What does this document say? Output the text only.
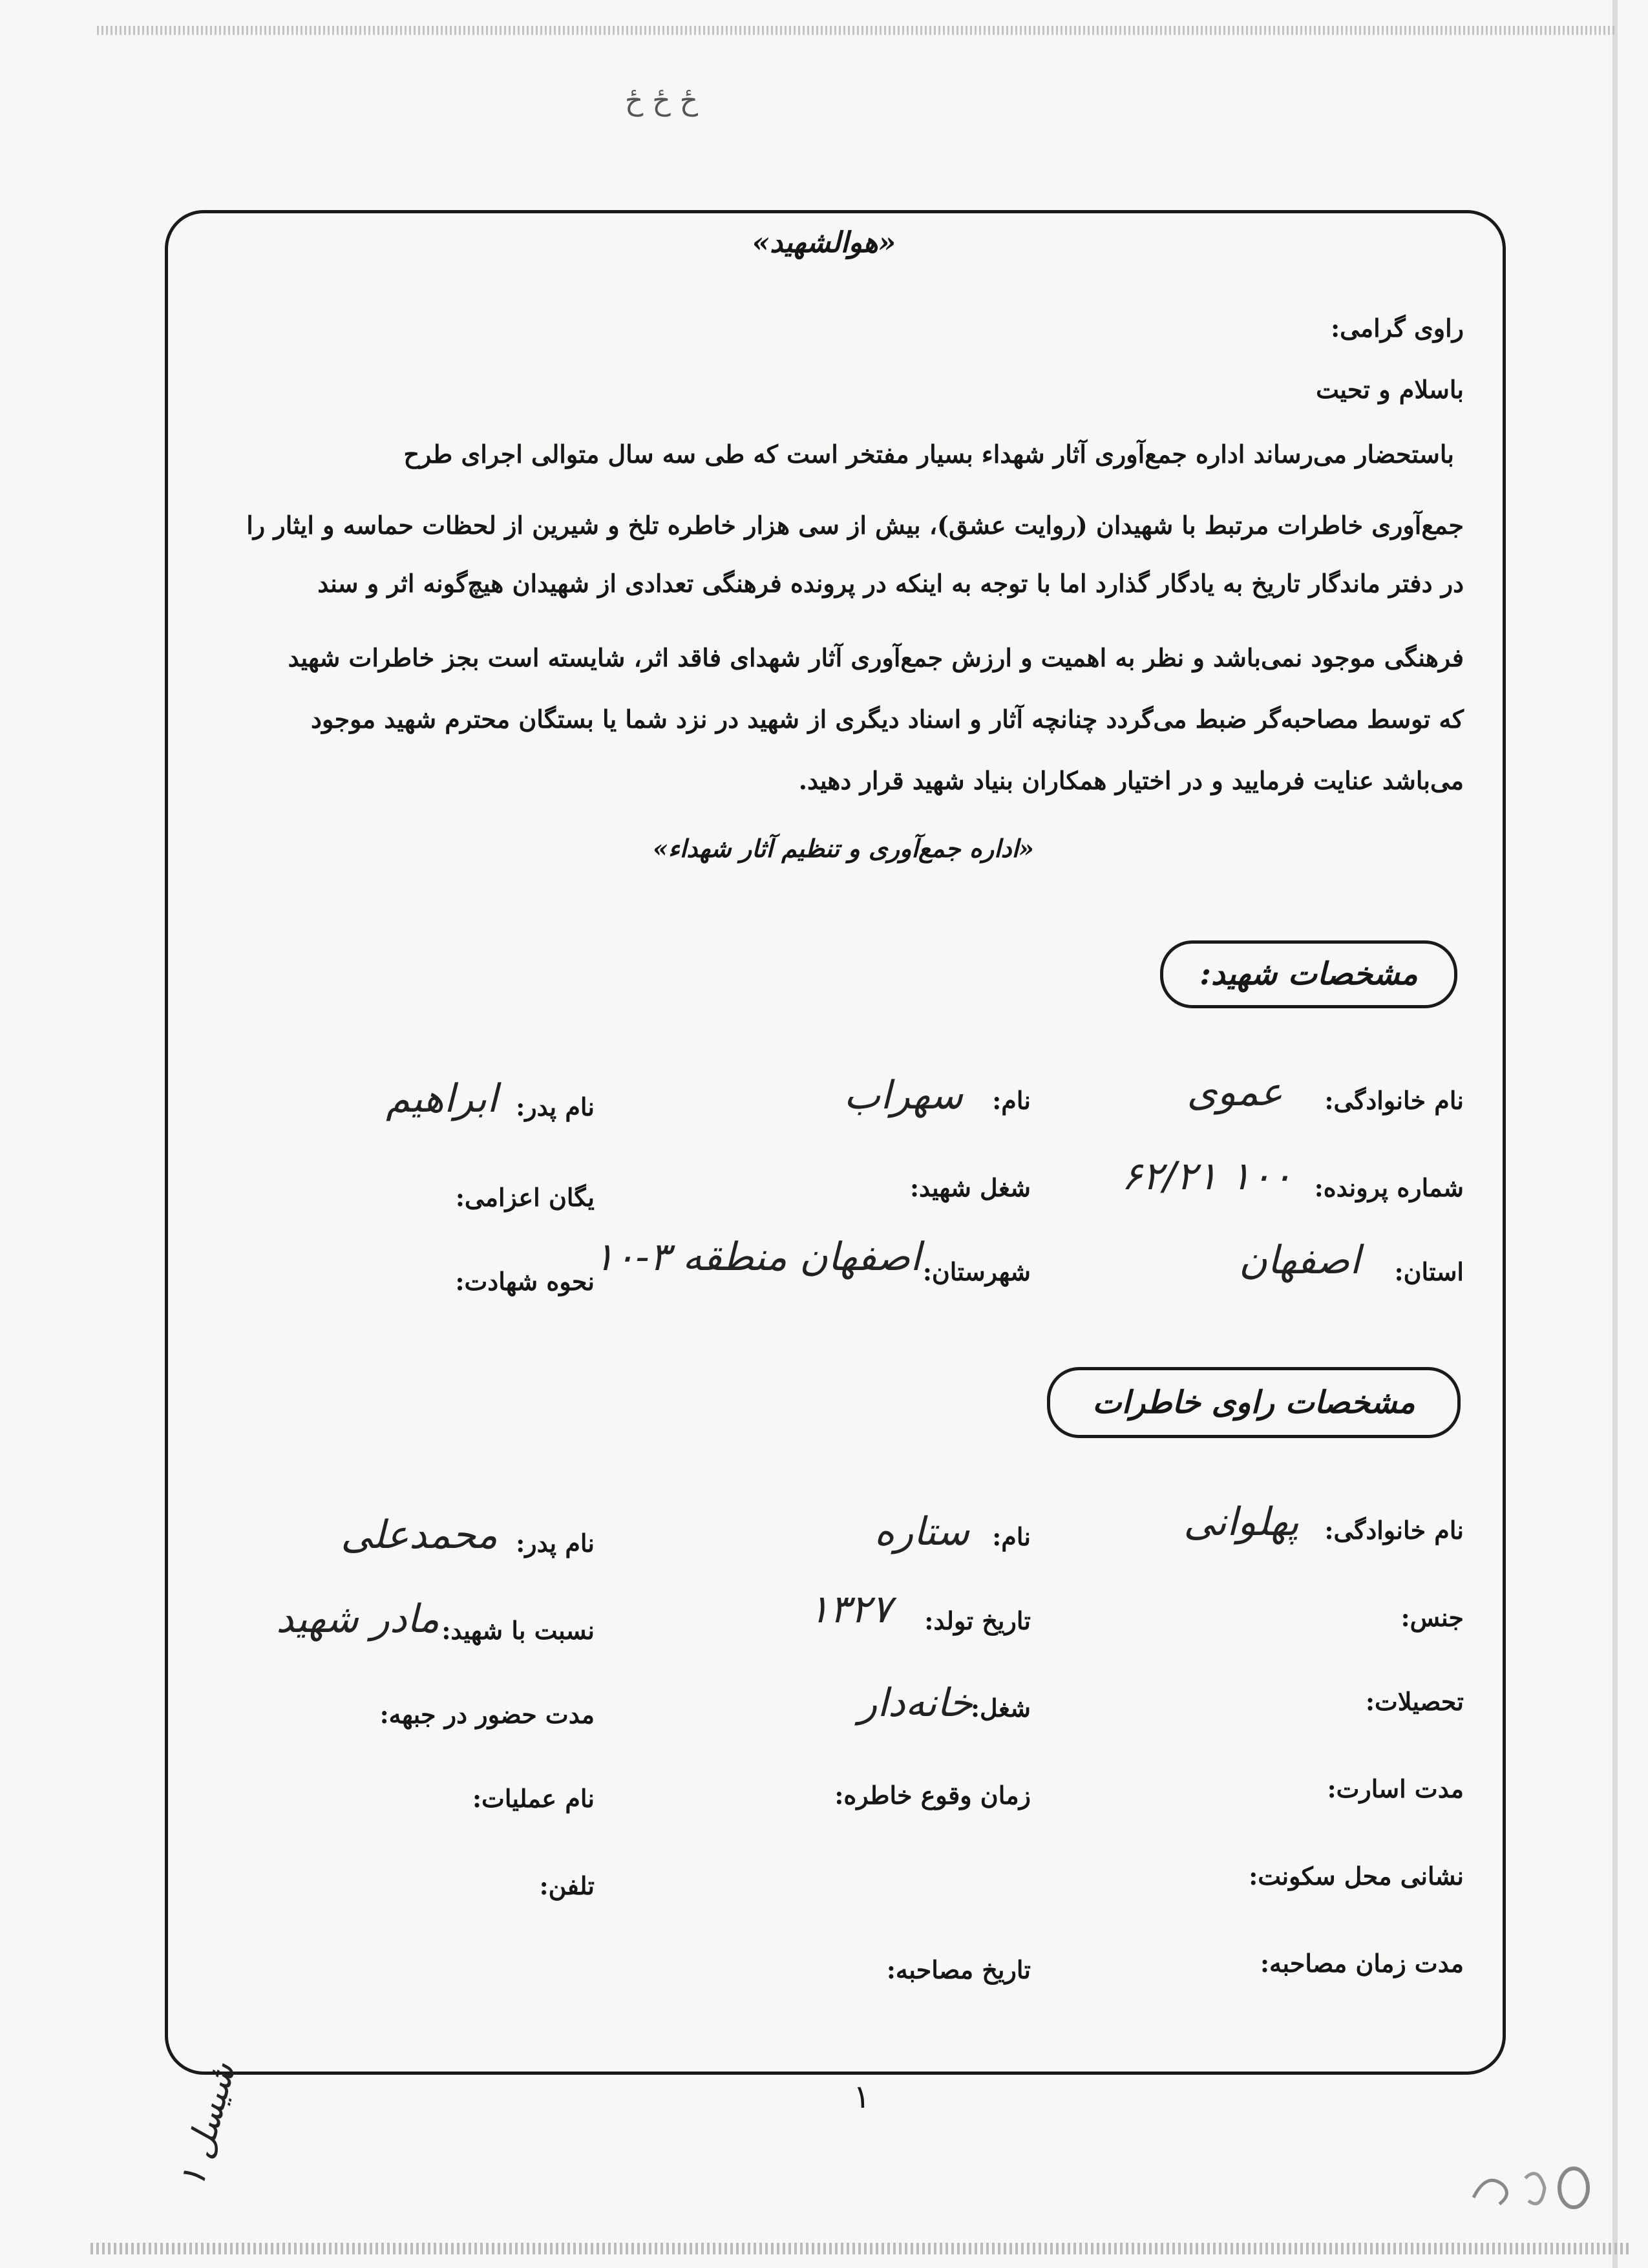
ځ ځ ځ
«هوالشهید»
راوی گرامی:
باسلام و تحیت
باستحضار می‌رساند اداره جمع‌آوری آثار شهداء بسیار مفتخر است که طی سه سال متوالی اجرای طرح
جمع‌آوری خاطرات مرتبط با شهیدان (روایت عشق)، بیش از سی هزار خاطره تلخ و شیرین از لحظات حماسه و ایثار را
در دفتر ماندگار تاریخ به یادگار گذارد اما با توجه به اینکه در پرونده فرهنگی تعدادی از شهیدان هیچ‌گونه اثر و سند
فرهنگی موجود نمی‌باشد و نظر به اهمیت و ارزش جمع‌آوری آثار شهدای فاقد اثر، شایسته است بجز خاطرات شهید
که توسط مصاحبه‌گر ضبط می‌گردد چنانچه آثار و اسناد دیگری از شهید در نزد شما یا بستگان محترم شهید موجود
می‌باشد عنایت فرمایید و در اختیار همکاران بنیاد شهید قرار دهید.
«اداره جمع‌آوری و تنظیم آثار شهداء»
مشخصات شهید:
نام خانوادگی:
عموی
نام:
سهراب
نام پدر:
ابراهیم
شماره پرونده:
۱۰۰ ۶۲/۲۱
شغل شهید:
یگان اعزامی:
استان:
اصفهان
شهرستان:
اصفهان منطقه ۳-۱۰
نحوه شهادت:
مشخصات راوی خاطرات
نام خانوادگی:
پهلوانی
نام:
ستاره
نام پدر:
محمدعلی
جنس:
تاریخ تولد:
۱۳۲۷
نسبت با شهید:
مادر شهید
تحصیلات:
شغل:
خانه‌دار
مدت حضور در جبهه:
مدت اسارت:
زمان وقوع خاطره:
نام عملیات:
نشانی محل سکونت:
تلفن:
مدت زمان مصاحبه:
تاریخ مصاحبه:
۱
شیسل ۱
